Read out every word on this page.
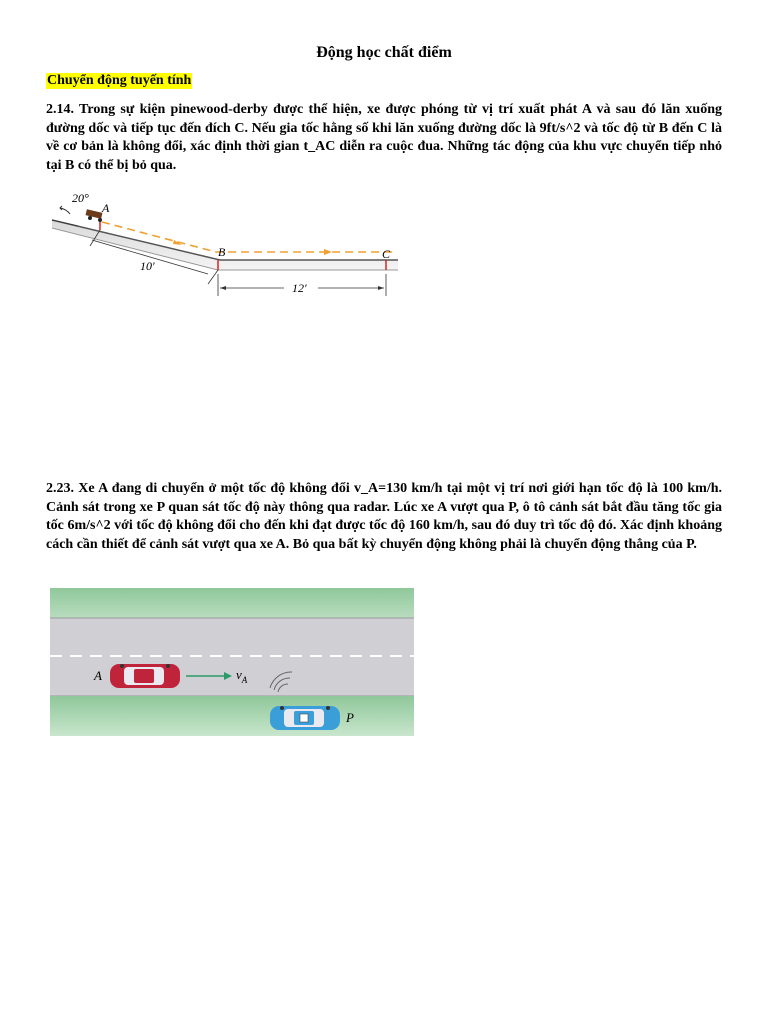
Động học chất điểm
Chuyển động tuyến tính
2.14. Trong sự kiện pinewood-derby được thể hiện, xe được phóng từ vị trí xuất phát A và sau đó lăn xuống đường dốc và tiếp tục đến đích C. Nếu gia tốc hằng số khi lăn xuống đường dốc là 9ft/s^2 và tốc độ từ B đến C là về cơ bản là không đổi, xác định thời gian t_AC diễn ra cuộc đua. Những tác động của khu vực chuyển tiếp nhỏ tại B có thể bị bỏ qua.
20°
A
B	C
10′
12′
2.23. Xe A đang di chuyển ở một tốc độ không đổi v_A=130 km/h tại một vị trí nơi giới hạn tốc độ là 100 km/h. Cảnh sát trong xe P quan sát tốc độ này thông qua radar. Lúc xe A vượt qua P, ô tô cảnh sát bắt đầu tăng tốc gia tốc 6m/s^2 với tốc độ không đổi cho đến khi đạt được tốc độ 160 km/h, sau đó duy trì tốc độ đó. Xác định khoảng cách cần thiết để cảnh sát vượt qua xe A. Bỏ qua bất kỳ chuyển động không phải là chuyển động thẳng của P.
A	$v_A$
P
